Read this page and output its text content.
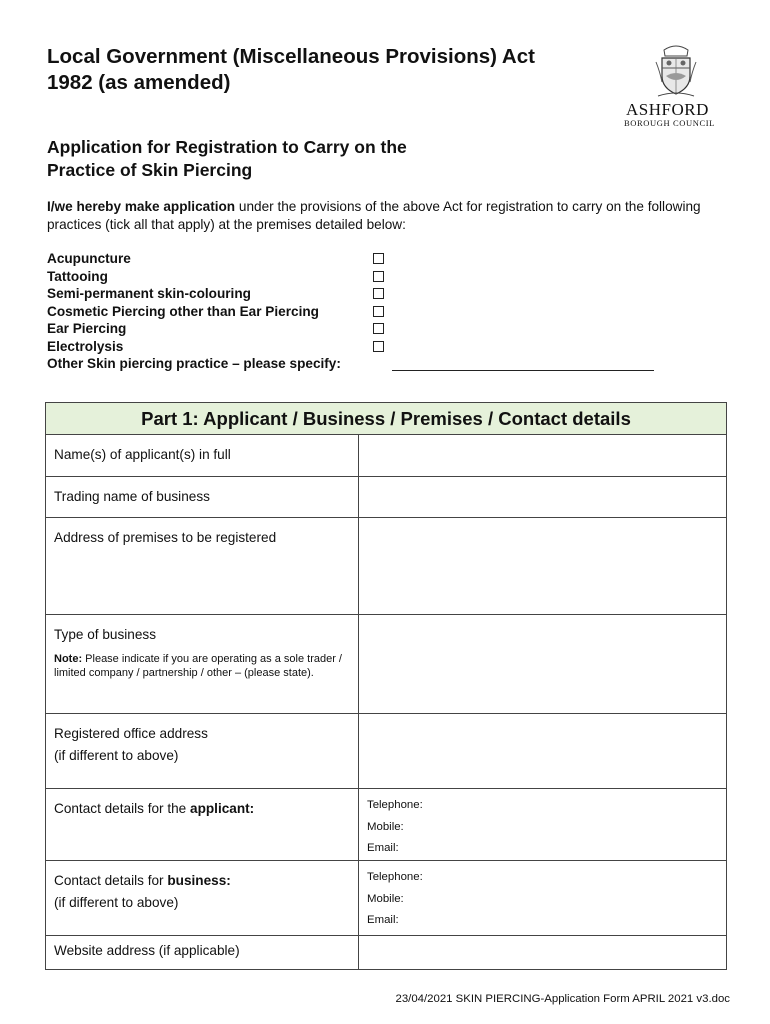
Local Government (Miscellaneous Provisions) Act
1982 (as amended)
ASHFORD
BOROUGH COUNCIL
Application for Registration to Carry on the
Practice of Skin Piercing
I/we hereby make application under the provisions of the above Act for registration to carry on the following practices (tick all that apply) at the premises detailed below:
Acupuncture
Tattooing
Semi-permanent skin-colouring
Cosmetic Piercing other than Ear Piercing
Ear Piercing
Electrolysis
Other Skin piercing practice – please specify:
Part 1: Applicant / Business / Premises / Contact details	
Name(s) of applicant(s) in full	
Trading name of business	
Address of premises to be registered	

Type of business
Note: Please indicate if you are operating as a sole trader / limited company / partnership / other – (please state).	

Registered office address
(if different to above)	

Contact details for the applicant:	Telephone:
Mobile:
Email:

Contact details for business:
(if different to above)	Telephone:
Mobile:
Email:

Website address (if applicable)	
23/04/2021 SKIN PIERCING-Application Form APRIL 2021 v3.doc
